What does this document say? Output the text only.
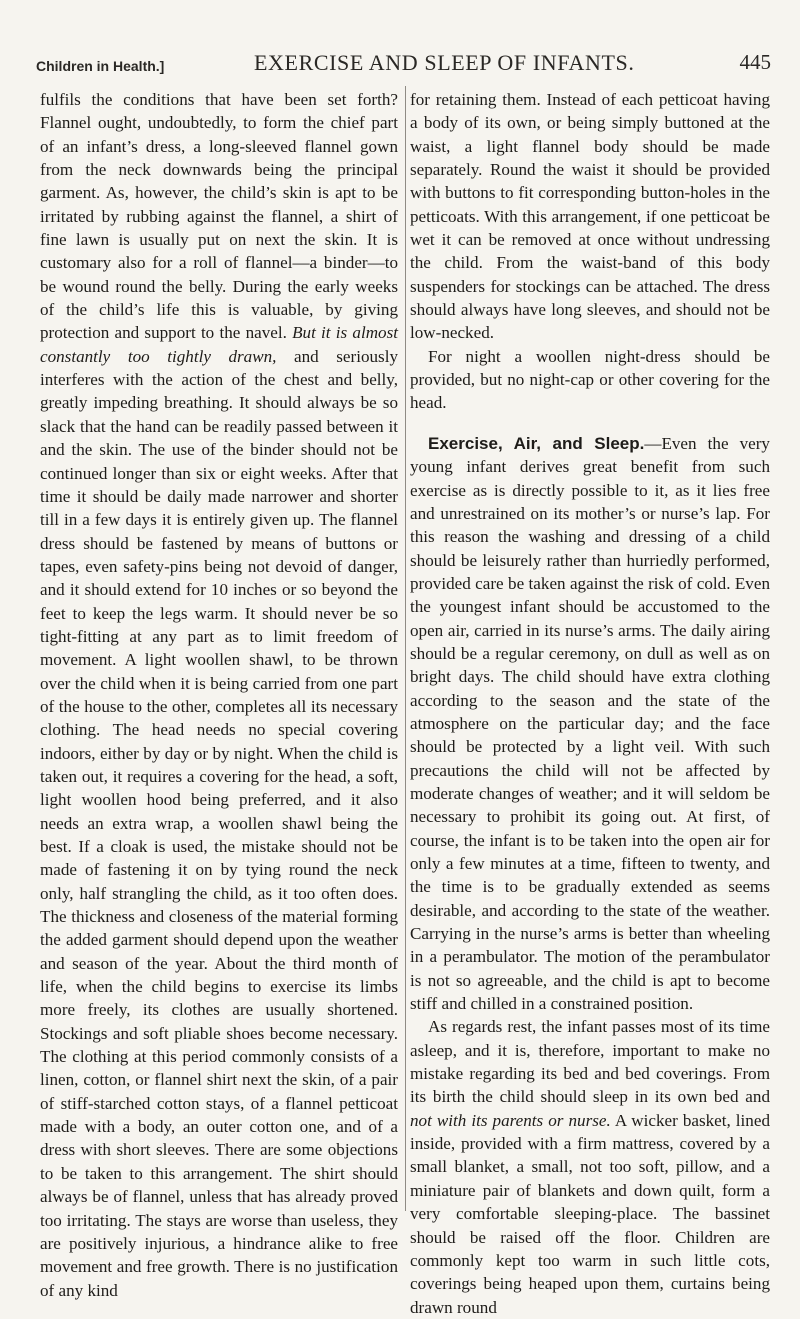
Children in Health.]	EXERCISE AND SLEEP OF INFANTS.	445

fulfils the conditions that have been set forth? Flannel ought, undoubtedly, to form the chief part of an infant’s dress, a long-sleeved flannel gown from the neck downwards being the principal garment. As, however, the child’s skin is apt to be irritated by rubbing against the flannel, a shirt of fine lawn is usually put on next the skin. It is customary also for a roll of flannel—a binder—to be wound round the belly. During the early weeks of the child’s life this is valuable, by giving protection and support to the navel. But it is almost constantly too tightly drawn, and seriously interferes with the action of the chest and belly, greatly impeding breathing. It should always be so slack that the hand can be readily passed between it and the skin. The use of the binder should not be continued longer than six or eight weeks. After that time it should be daily made narrower and shorter till in a few days it is entirely given up. The flannel dress should be fastened by means of buttons or tapes, even safety-pins being not devoid of danger, and it should extend for 10 inches or so beyond the feet to keep the legs warm. It should never be so tight-fitting at any part as to limit freedom of movement. A light woollen shawl, to be thrown over the child when it is being carried from one part of the house to the other, completes all its necessary clothing. The head needs no special covering indoors, either by day or by night. When the child is taken out, it requires a covering for the head, a soft, light woollen hood being preferred, and it also needs an extra wrap, a woollen shawl being the best. If a cloak is used, the mistake should not be made of fastening it on by tying round the neck only, half strangling the child, as it too often does. The thickness and closeness of the material forming the added garment should depend upon the weather and season of the year. About the third month of life, when the child begins to exercise its limbs more freely, its clothes are usually shortened. Stockings and soft pliable shoes become necessary. The clothing at this period commonly consists of a linen, cotton, or flannel shirt next the skin, of a pair of stiff-starched cotton stays, of a flannel petticoat made with a body, an outer cotton one, and of a dress with short sleeves. There are some objections to be taken to this arrangement. The shirt should always be of flannel, unless that has already proved too irritating. The stays are worse than useless, they are positively injurious, a hindrance alike to free movement and free growth. There is no justification of any kind

for retaining them. Instead of each petticoat having a body of its own, or being simply buttoned at the waist, a light flannel body should be made separately. Round the waist it should be provided with buttons to fit corresponding button-holes in the petticoats. With this arrangement, if one petticoat be wet it can be removed at once without undressing the child. From the waist-band of this body suspenders for stockings can be attached. The dress should always have long sleeves, and should not be low-necked.

For night a woollen night-dress should be provided, but no night-cap or other covering for the head.

Exercise, Air, and Sleep.—Even the very young infant derives great benefit from such exercise as is directly possible to it, as it lies free and unrestrained on its mother’s or nurse’s lap. For this reason the washing and dressing of a child should be leisurely rather than hurriedly performed, provided care be taken against the risk of cold. Even the youngest infant should be accustomed to the open air, carried in its nurse’s arms. The daily airing should be a regular ceremony, on dull as well as on bright days. The child should have extra clothing according to the season and the state of the atmosphere on the particular day; and the face should be protected by a light veil. With such precautions the child will not be affected by moderate changes of weather; and it will seldom be necessary to prohibit its going out. At first, of course, the infant is to be taken into the open air for only a few minutes at a time, fifteen to twenty, and the time is to be gradually extended as seems desirable, and according to the state of the weather. Carrying in the nurse’s arms is better than wheeling in a perambulator. The motion of the perambulator is not so agreeable, and the child is apt to become stiff and chilled in a constrained position.

As regards rest, the infant passes most of its time asleep, and it is, therefore, important to make no mistake regarding its bed and bed coverings. From its birth the child should sleep in its own bed and not with its parents or nurse. A wicker basket, lined inside, provided with a firm mattress, covered by a small blanket, a small, not too soft, pillow, and a miniature pair of blankets and down quilt, form a very comfortable sleeping-place. The bassinet should be raised off the floor. Children are commonly kept too warm in such little cots, coverings being heaped upon them, curtains being drawn round
